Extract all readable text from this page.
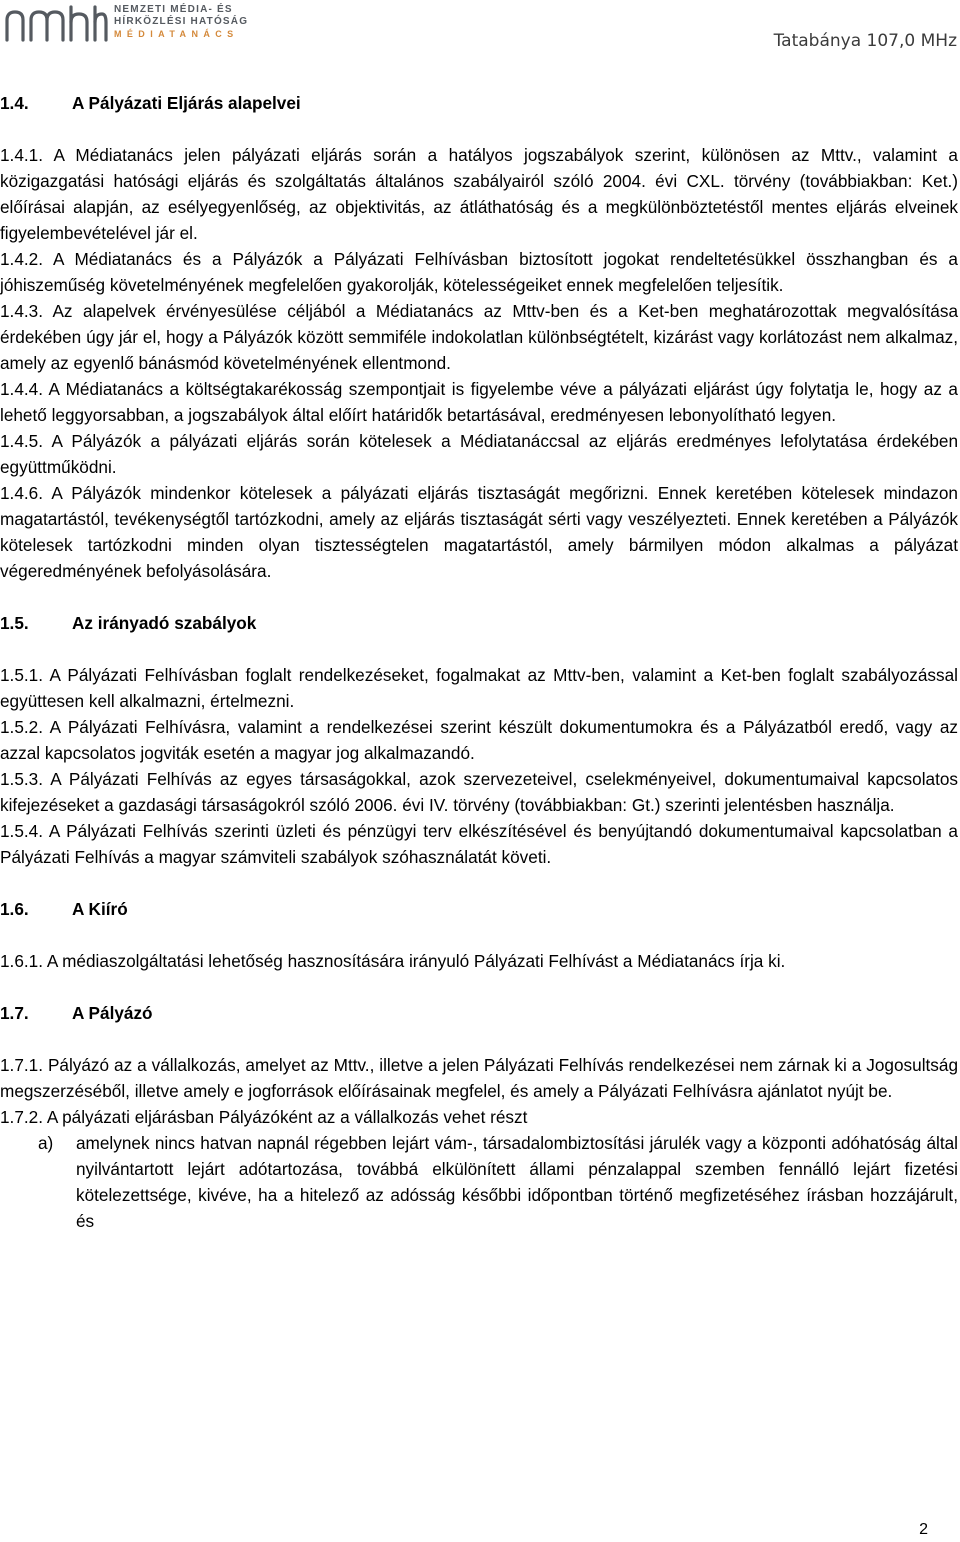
NEMZETI MÉDIA- ÉS
HÍRKÖZLÉSI HATÓSÁG
MÉDIATANÁCS	Tatabánya 107,0 MHz
1.4.	A Pályázati Eljárás alapelvei

1.4.1. A Médiatanács jelen pályázati eljárás során a hatályos jogszabályok szerint, különösen az Mttv., valamint a közigazgatási hatósági eljárás és szolgáltatás általános szabályairól szóló 2004. évi CXL. törvény (továbbiakban: Ket.) előírásai alapján, az esélyegyenlőség, az objektivitás, az átláthatóság és a megkülönböztetéstől mentes eljárás elveinek figyelembevételével jár el.

1.4.2. A Médiatanács és a Pályázók a Pályázati Felhívásban biztosított jogokat rendeltetésükkel összhangban és a jóhiszeműség követelményének megfelelően gyakorolják, kötelességeiket ennek megfelelően teljesítik.

1.4.3. Az alapelvek érvényesülése céljából a Médiatanács az Mttv-ben és a Ket-ben meghatározottak megvalósítása érdekében úgy jár el, hogy a Pályázók között semmiféle indokolatlan különbségtételt, kizárást vagy korlátozást nem alkalmaz, amely az egyenlő bánásmód követelményének ellentmond.

1.4.4. A Médiatanács a költségtakarékosság szempontjait is figyelembe véve a pályázati eljárást úgy folytatja le, hogy az a lehető leggyorsabban, a jogszabályok által előírt határidők betartásával, eredményesen lebonyolítható legyen.

1.4.5. A Pályázók a pályázati eljárás során kötelesek a Médiatanáccsal az eljárás eredményes lefolytatása érdekében együttműködni.

1.4.6. A Pályázók mindenkor kötelesek a pályázati eljárás tisztaságát megőrizni. Ennek keretében kötelesek mindazon magatartástól, tevékenységtől tartózkodni, amely az eljárás tisztaságát sérti vagy veszélyezteti. Ennek keretében a Pályázók kötelesek tartózkodni minden olyan tisztességtelen magatartástól, amely bármilyen módon alkalmas a pályázat végeredményének befolyásolására.

1.5.	Az irányadó szabályok

1.5.1. A Pályázati Felhívásban foglalt rendelkezéseket, fogalmakat az Mttv-ben, valamint a Ket-ben foglalt szabályozással együttesen kell alkalmazni, értelmezni.

1.5.2. A Pályázati Felhívásra, valamint a rendelkezései szerint készült dokumentumokra és a Pályázatból eredő, vagy az azzal kapcsolatos jogviták esetén a magyar jog alkalmazandó.

1.5.3. A Pályázati Felhívás az egyes társaságokkal, azok szervezeteivel, cselekményeivel, dokumentumaival kapcsolatos kifejezéseket a gazdasági társaságokról szóló 2006. évi IV. törvény (továbbiakban: Gt.) szerinti jelentésben használja.

1.5.4. A Pályázati Felhívás szerinti üzleti és pénzügyi terv elkészítésével és benyújtandó dokumentumaival kapcsolatban a Pályázati Felhívás a magyar számviteli szabályok szóhasználatát követi.

1.6.	A Kiíró

1.6.1. A médiaszolgáltatási lehetőség hasznosítására irányuló Pályázati Felhívást a Médiatanács írja ki.

1.7.	A Pályázó

1.7.1. Pályázó az a vállalkozás, amelyet az Mttv., illetve a jelen Pályázati Felhívás rendelkezései nem zárnak ki a Jogosultság megszerzéséből, illetve amely e jogforrások előírásainak megfelel, és amely a Pályázati Felhívásra ajánlatot nyújt be.

1.7.2. A pályázati eljárásban Pályázóként az a vállalkozás vehet részt

a)	amelynek nincs hatvan napnál régebben lejárt vám-, társadalombiztosítási járulék vagy a központi adóhatóság által nyilvántartott lejárt adótartozása, továbbá elkülönített állami pénzalappal szemben fennálló lejárt fizetési kötelezettsége, kivéve, ha a hitelező az adósság későbbi időpontban történő megfizetéséhez írásban hozzájárult, és
2
